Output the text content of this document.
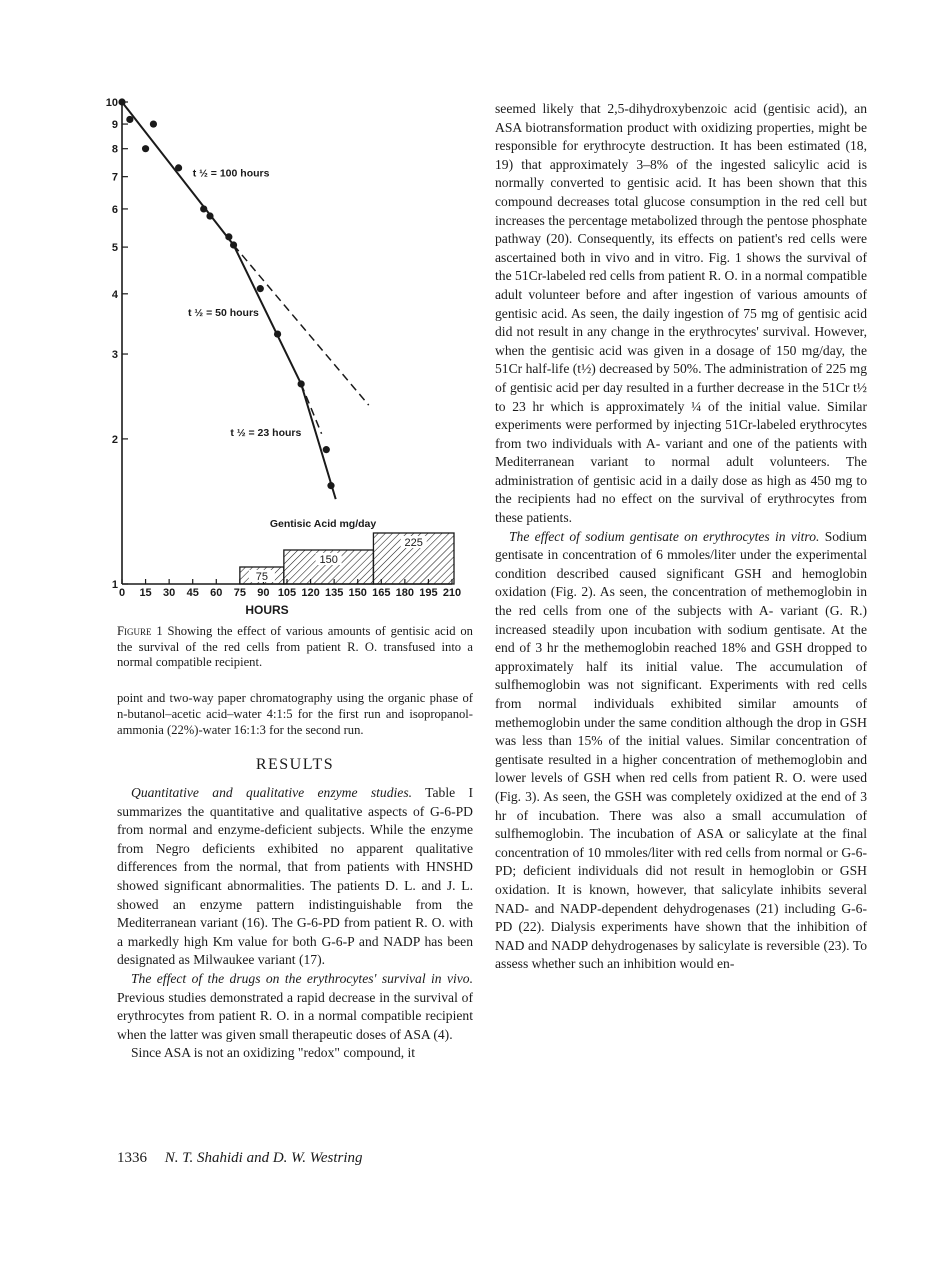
0 15 30 45 60 75 90 105 120 135 150 165 180 195 210
HOURS
1
2
3
4
5
6
7
8
9
10
75
150
225
Gentisic Acid mg/day
t ½ = 100 hours
t ½ = 50 hours
t ½ = 23 hours
Figure 1 Showing the effect of various amounts of gentisic acid on the survival of the red cells from patient R. O. transfused into a normal compatible recipient.

point and two-way paper chromatography using the organic phase of n-butanol–acetic acid–water 4:1:5 for the first run and isopropanol-ammonia (22%)-water 16:1:3 for the second run.

RESULTS

Quantitative and qualitative enzyme studies. Table I summarizes the quantitative and qualitative aspects of G-6-PD from normal and enzyme-deficient subjects. While the enzyme from Negro deficients exhibited no apparent qualitative differences from the normal, that from patients with HNSHD showed significant abnormalities. The patients D. L. and J. L. showed an enzyme pattern indistinguishable from the Mediterranean variant (16). The G-6-PD from patient R. O. with a markedly high Km value for both G-6-P and NADP has been designated as Milwaukee variant (17).

The effect of the drugs on the erythrocytes' survival in vivo. Previous studies demonstrated a rapid decrease in the survival of erythrocytes from patient R. O. in a normal compatible recipient when the latter was given small therapeutic doses of ASA (4).

Since ASA is not an oxidizing "redox" compound, it

seemed likely that 2,5-dihydroxybenzoic acid (gentisic acid), an ASA biotransformation product with oxidizing properties, might be responsible for erythrocyte destruction. It has been estimated (18, 19) that approximately 3–8% of the ingested salicylic acid is normally converted to gentisic acid. It has been shown that this compound decreases total glucose consumption in the red cell but increases the percentage metabolized through the pentose phosphate pathway (20). Consequently, its effects on patient's red cells were ascertained both in vivo and in vitro. Fig. 1 shows the survival of the 51Cr-labeled red cells from patient R. O. in a normal compatible adult volunteer before and after ingestion of various amounts of gentisic acid. As seen, the daily ingestion of 75 mg of gentisic acid did not result in any change in the erythrocytes' survival. However, when the gentisic acid was given in a dosage of 150 mg/day, the 51Cr half-life (t½) decreased by 50%. The administration of 225 mg of gentisic acid per day resulted in a further decrease in the 51Cr t½ to 23 hr which is approximately ¼ of the initial value. Similar experiments were performed by injecting 51Cr-labeled erythrocytes from two individuals with A- variant and one of the patients with Mediterranean variant to normal adult volunteers. The administration of gentisic acid in a daily dose as high as 450 mg to the recipients had no effect on the survival of erythrocytes from these patients.

The effect of sodium gentisate on erythrocytes in vitro. Sodium gentisate in concentration of 6 mmoles/liter under the experimental condition described caused significant GSH and hemoglobin oxidation (Fig. 2). As seen, the concentration of methemoglobin in the red cells from one of the subjects with A- variant (G. R.) increased steadily upon incubation with sodium gentisate. At the end of 3 hr the methemoglobin reached 18% and GSH dropped to approximately half its initial value. The accumulation of sulfhemoglobin was not significant. Experiments with red cells from normal individuals exhibited similar amounts of methemoglobin under the same condition although the drop in GSH was less than 15% of the initial values. Similar concentration of gentisate resulted in a higher concentration of methemoglobin and lower levels of GSH when red cells from patient R. O. were used (Fig. 3). As seen, the GSH was completely oxidized at the end of 3 hr of incubation. There was also a small accumulation of sulfhemoglobin. The incubation of ASA or salicylate at the final concentration of 10 mmoles/liter with red cells from normal or G-6-PD; deficient individuals did not result in hemoglobin or GSH oxidation. It is known, however, that salicylate inhibits several NAD- and NADP-dependent dehydrogenases (21) including G-6-PD (22). Dialysis experiments have shown that the inhibition of NAD and NADP dehydrogenases by salicylate is reversible (23). To assess whether such an inhibition would en-

1336 N. T. Shahidi and D. W. Westring
